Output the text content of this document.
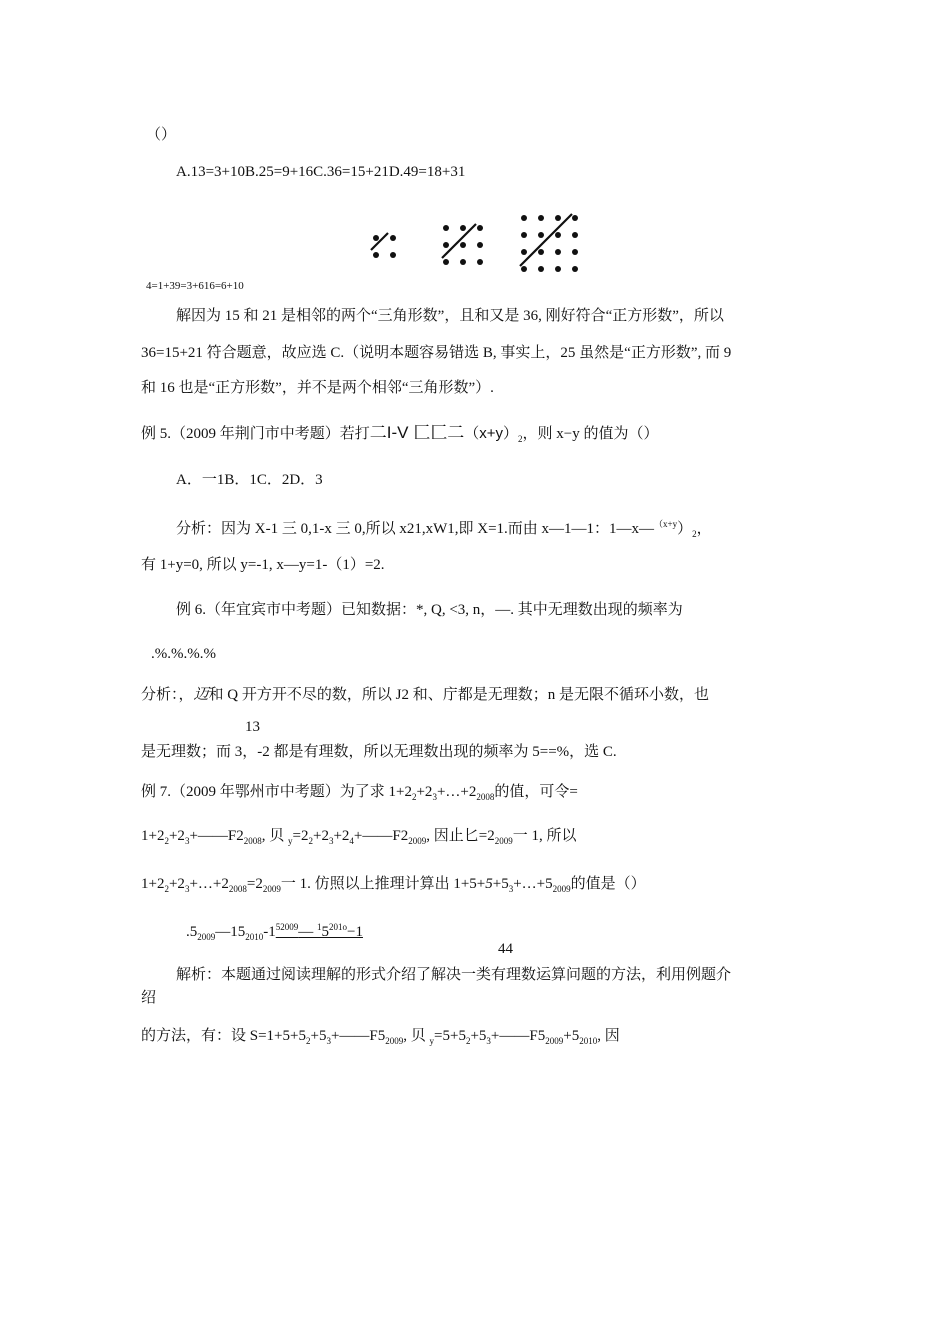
（）
A.13=3+10B.25=9+16C.36=15+21D.49=18+31
4=1+39=3+616=6+10
解因为 15 和 21 是相邻的两个“三角形数”，且和又是 36, 刚好符合“正方形数”，所以
36=15+21 符合题意，故应选 C.（说明本题容易错选 B, 事实上，25 虽然是“正方形数”, 而 9
和 16 也是“正方形数”，并不是两个相邻“三角形数”）.
例 5.（2009 年荆门市中考题）若打二I-V 匚匚二$(x+y)_2$，则 x−y 的值为（）
A．一1B．1C．2D．3
分析：因为 X-1 三 0,1-x 三 0,所以 x21,xW1,即 X=1.而由 x—1—1：$1—x—^{(x+y})_2$，
有 1+y=0, 所以 y=-1, x—y=1-（1）=2.
例 6.（年宜宾市中考题）已知数据：*, Q, <3, n，—. 其中无理数出现的频率为
.%.%.%.%
分析：，迈和 Q 开方开不尽的数，所以 J2 和、庁都是无理数；n 是无限不循环小数，也
13
是无理数；而 3，-2 都是有理数，所以无理数出现的频率为 5==%，选 C.
例 7.（2009 年鄂州市中考题）为了求 $1+2_2+2_3+\dots+2_{2008}$的值，可令=
$1+2_2+2_3+——F2_{2008}$, 贝 $_y=2_2+2_3+2_4+——F2_{2009}$, 因止匕$=2_{2009}$一 1, 所以
$1+2_2+2_3+\dots+2_{2008}=2_{2009}$一 1. 仿照以上推理计算出 $1+5+5+5_3+\dots+5_{2009}$的值是（）
$.5_{2009}—15_{2010}-1^{52009}—$ $^15^{201o}-1$
44
解析：本题通过阅读理解的形式介绍了解决一类有理数运算问题的方法，利用例题介
绍
的方法，有：设 $S=1+5+5_2+5_3+——F5_{2009}$, 贝 $_y=5+5_2+5_3+——F5_{2009}+5_{2010}$, 因
